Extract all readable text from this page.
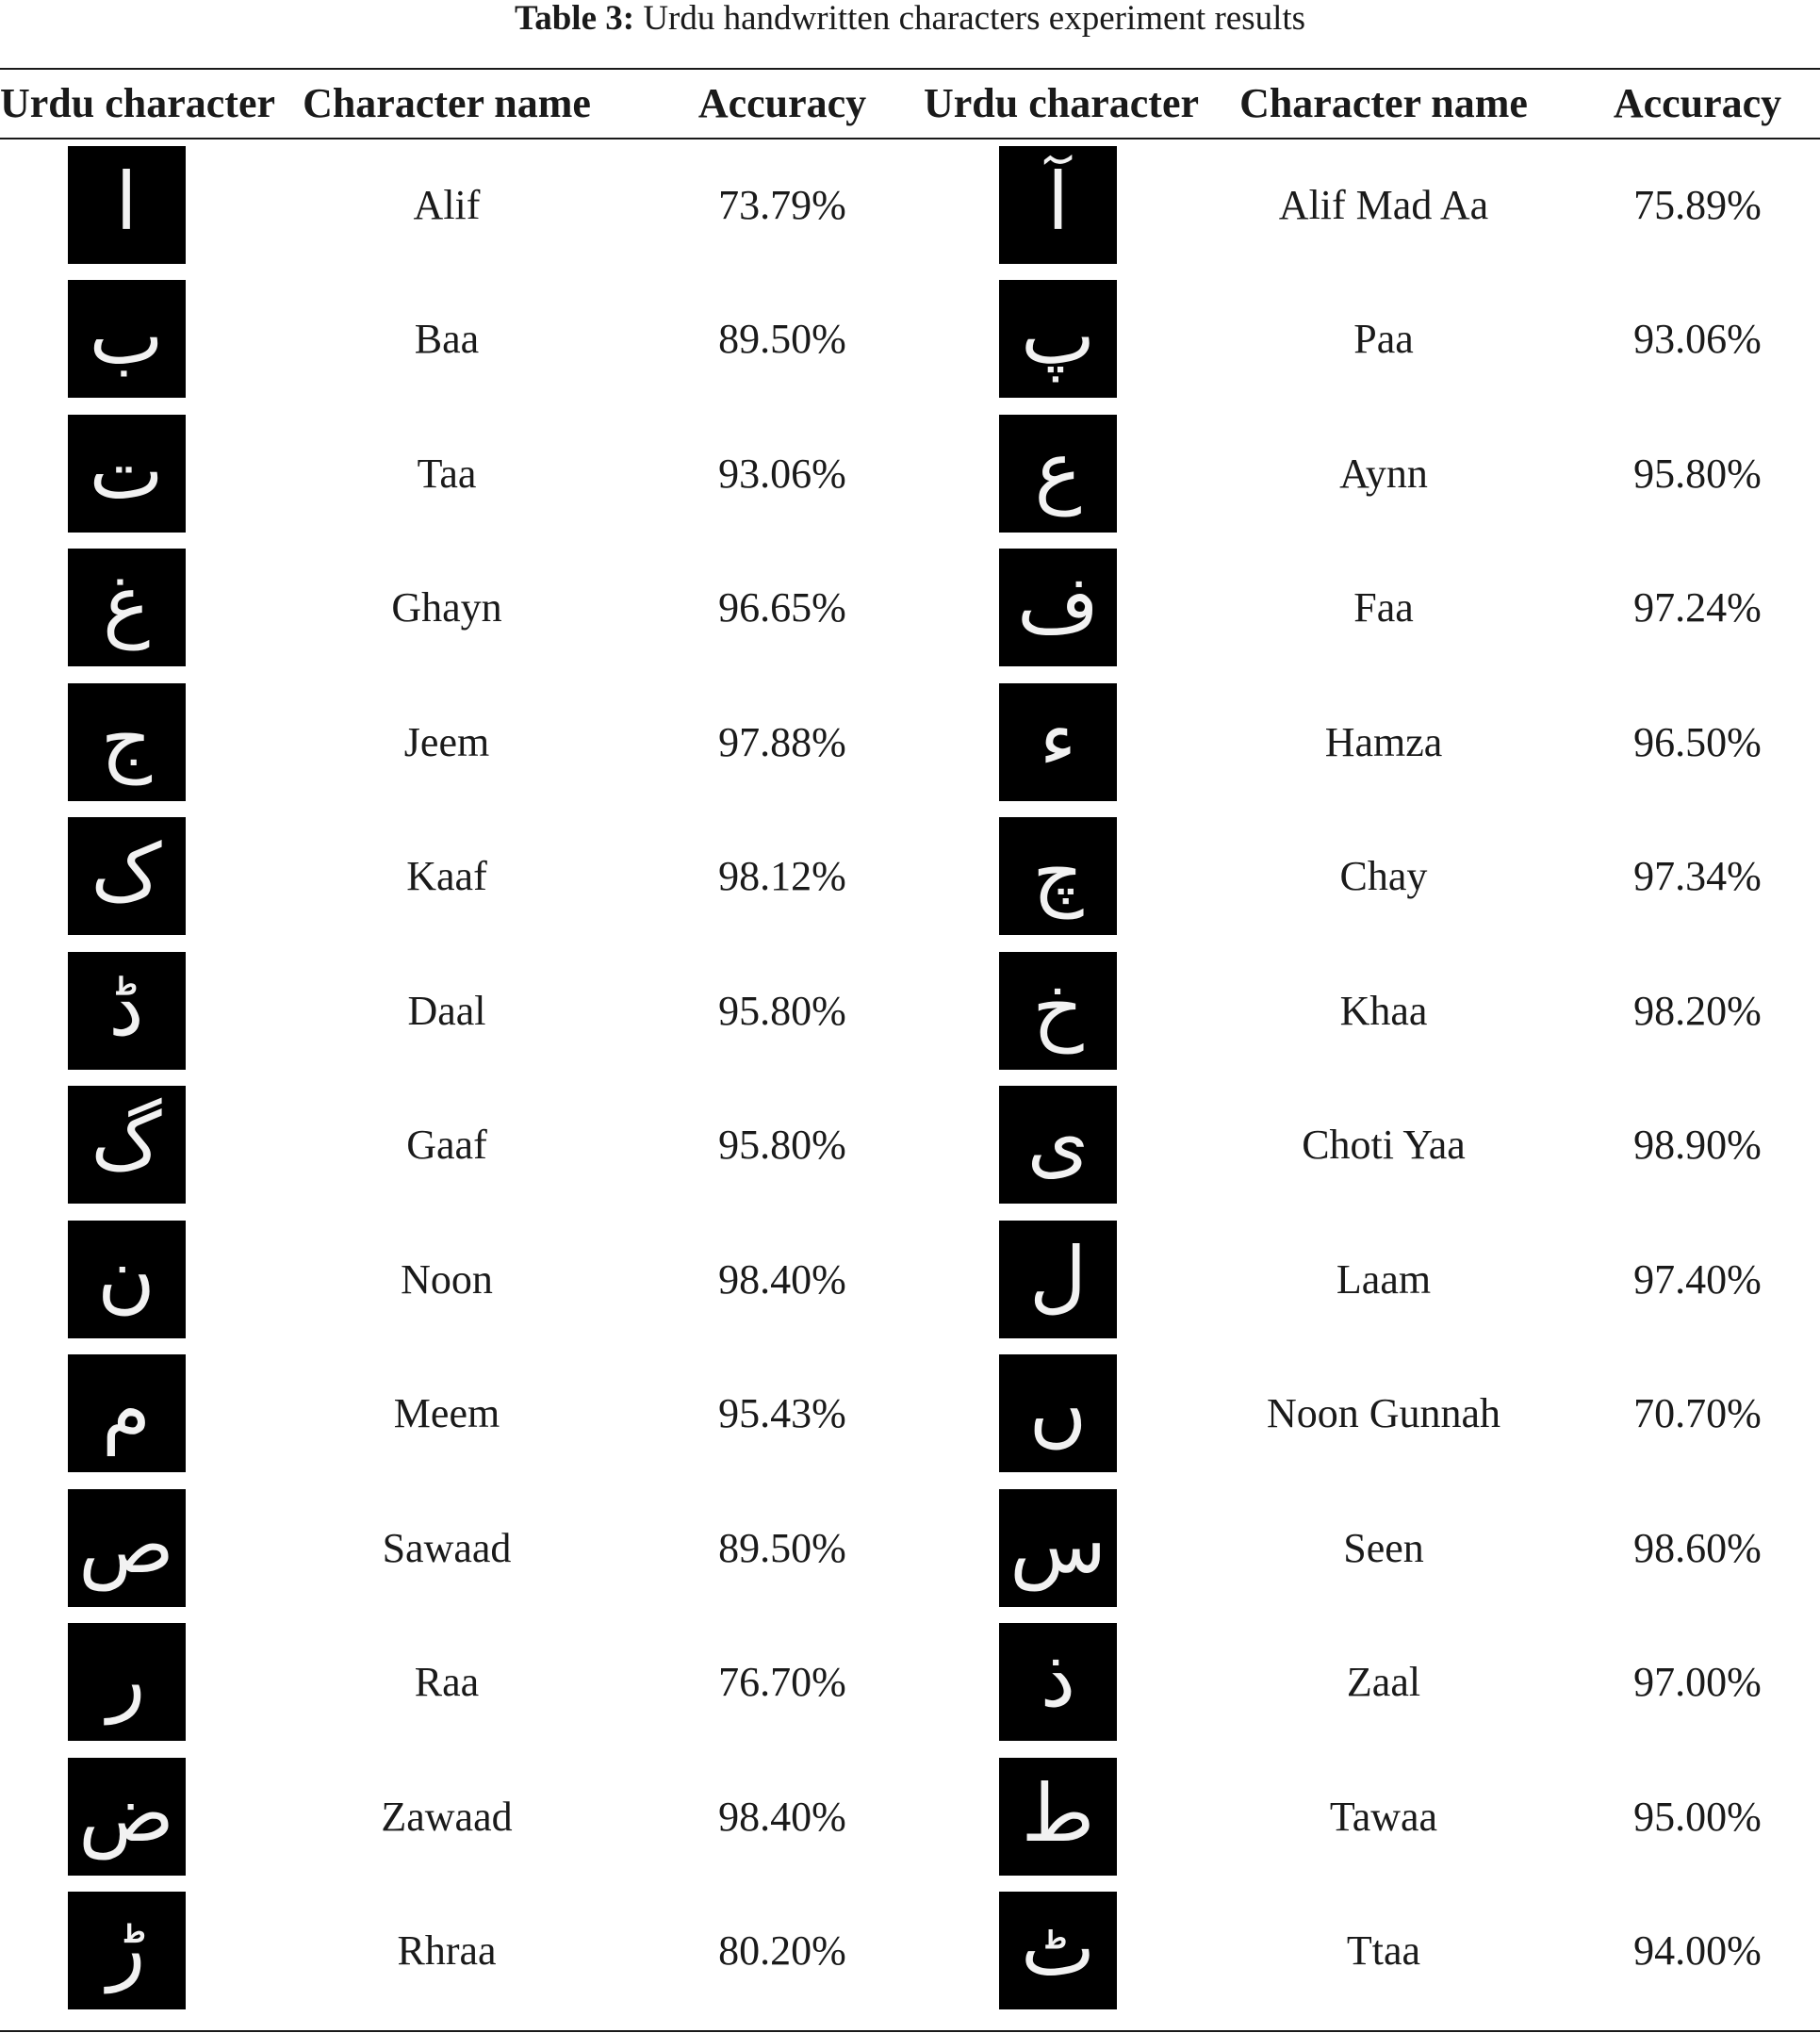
Table 3: Urdu handwritten characters experiment results
Urdu character	Character name	Accuracy	Urdu character	Character name	Accuracy

ا	Alif	73.79%	آ	Alif Mad Aa	75.89%

ب	Baa	89.50%	پ	Paa	93.06%

ت	Taa	93.06%	ع	Aynn	95.80%

غ	Ghayn	96.65%	ف	Faa	97.24%

ج	Jeem	97.88%	ء	Hamza	96.50%

ک	Kaaf	98.12%	چ	Chay	97.34%

ڈ	Daal	95.80%	خ	Khaa	98.20%

گ	Gaaf	95.80%	ی	Choti Yaa	98.90%

ن	Noon	98.40%	ل	Laam	97.40%

م	Meem	95.43%	ں	Noon Gunnah	70.70%

ص	Sawaad	89.50%	س	Seen	98.60%

ر	Raa	76.70%	ذ	Zaal	97.00%

ض	Zawaad	98.40%	ط	Tawaa	95.00%

ڑ	Rhraa	80.20%	ٹ	Ttaa	94.00%
